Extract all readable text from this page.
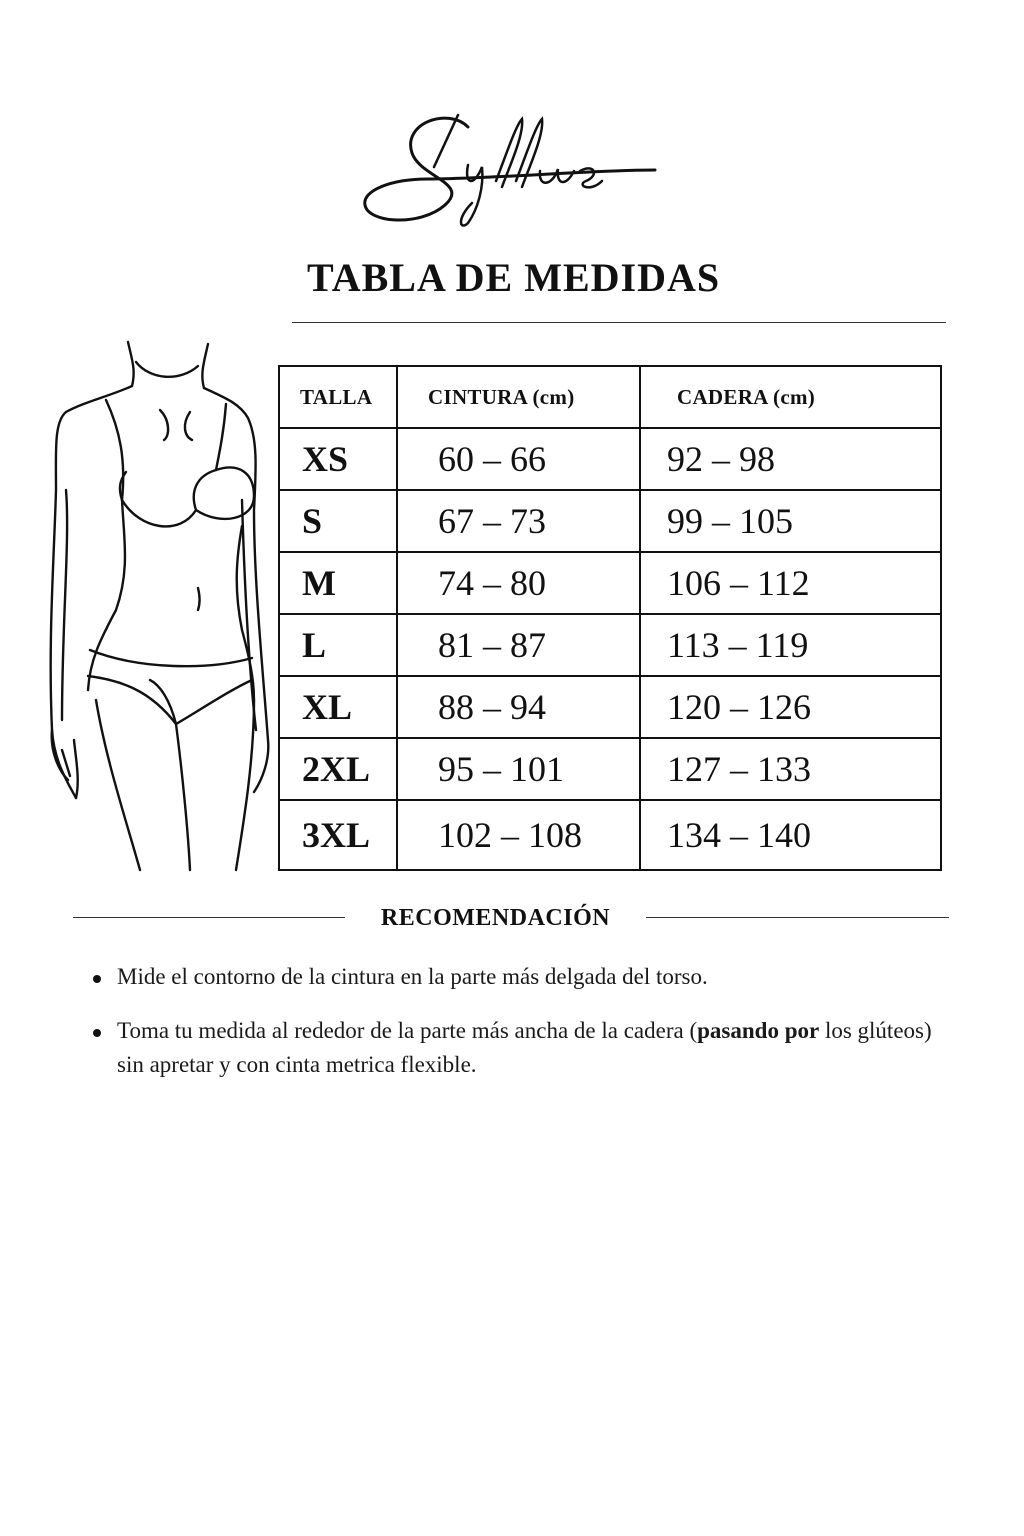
TABLA DE MEDIDAS
TALLA	CINTURA (cm)	CADERA (cm)
XS	60 – 66	92 – 98
S	67 – 73	99 – 105
M	74 – 80	106 – 112
L	81 – 87	113 – 119
XL	88 – 94	120 – 126
2XL	95 – 101	127 – 133
3XL	102 – 108	134 – 140
RECOMENDACIÓN
Mide el contorno de la cintura en la parte más delgada del torso.
Toma tu medida al rededor de la parte más ancha de la cadera (pasando por los glúteos) sin apretar y con cinta metrica flexible.
